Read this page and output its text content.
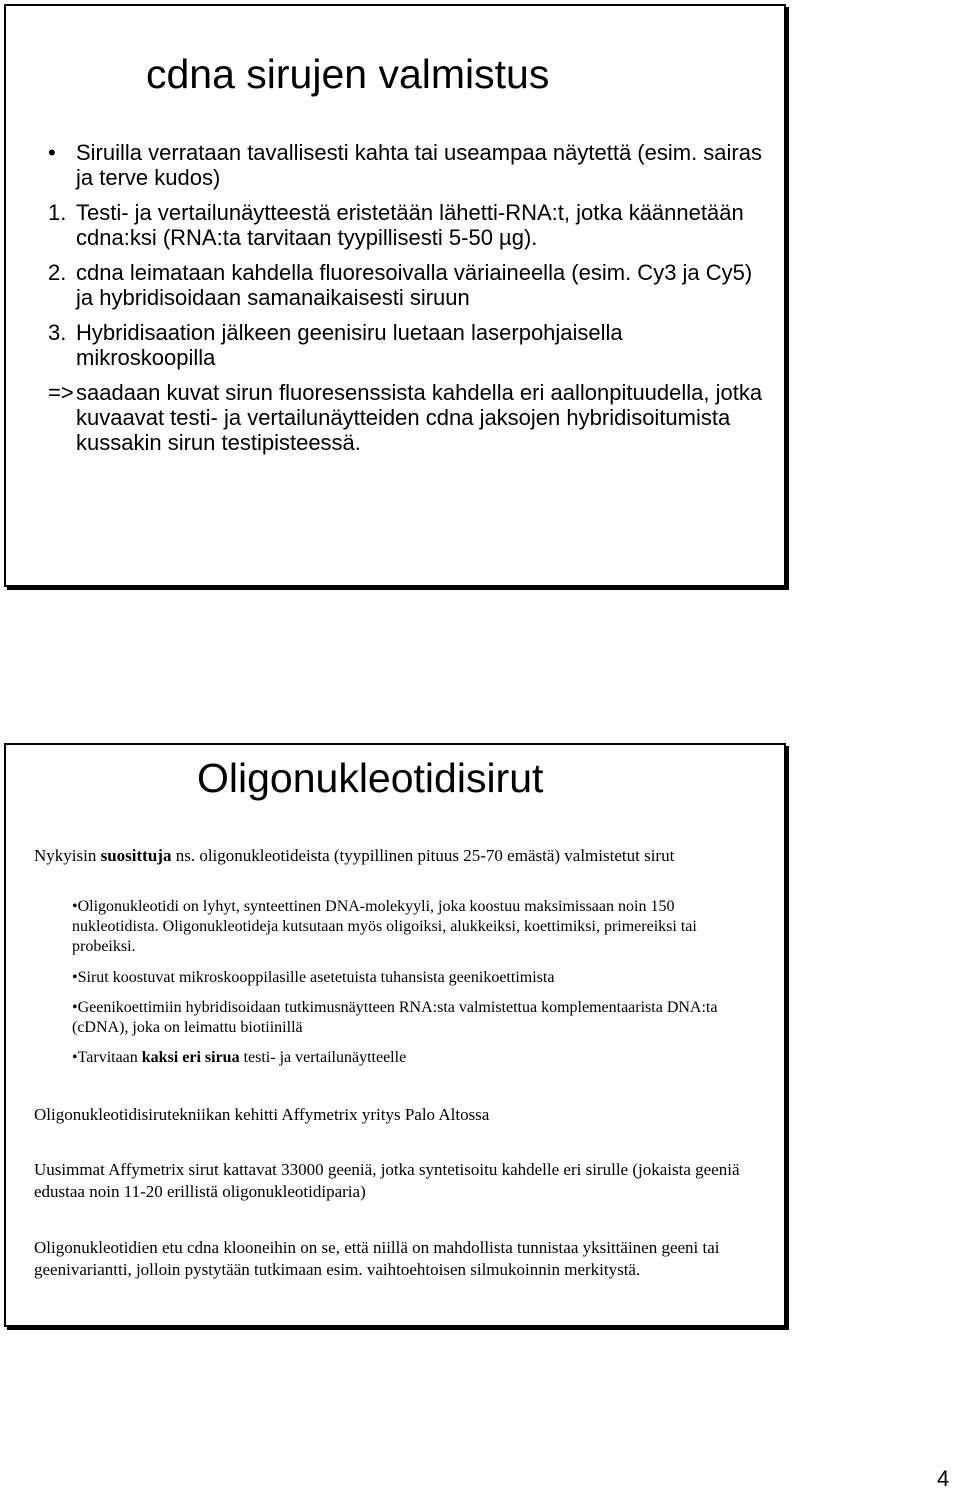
cdna sirujen valmistus
• Siruilla verrataan tavallisesti kahta tai useampaa näytettä (esim. sairas ja terve kudos)
1. Testi- ja vertailunäytteestä eristetään lähetti-RNA:t, jotka käännetään cdna:ksi (RNA:ta tarvitaan tyypillisesti 5-50 µg).
2. cdna leimataan kahdella fluoresoivalla väriaineella (esim. Cy3 ja Cy5) ja hybridisoidaan samanaikaisesti siruun
3. Hybridisaation jälkeen geenisiru luetaan laserpohjaisella mikroskoopilla
=> saadaan kuvat sirun fluoresenssista kahdella eri aallonpituudella, jotka kuvaavat testi- ja vertailunäytteiden cdna jaksojen hybridisoitumista kussakin sirun testipisteessä.
Oligonukleotidisirut
Nykyisin suosittuja ns. oligonukleotideista (tyypillinen pituus 25-70 emästä) valmistetut sirut
•Oligonukleotidi on lyhyt, synteettinen DNA-molekyyli, joka koostuu maksimissaan noin 150 nukleotidista. Oligonukleotideja kutsutaan myös oligoiksi, alukkeiksi, koettimiksi, primereiksi tai probeiksi.
•Sirut koostuvat mikroskooppilasille asetetuista tuhansista geenikoettimista
•Geenikoettimiin hybridisoidaan tutkimusnäytteen RNA:sta valmistettua komplementaarista DNA:ta (cDNA), joka on leimattu biotiinillä
•Tarvitaan kaksi eri sirua testi- ja vertailunäytteelle
Oligonukleotidisirutekniikan kehitti Affymetrix yritys Palo Altossa
Uusimmat Affymetrix sirut kattavat 33000 geeniä, jotka syntetisoitu kahdelle eri sirulle (jokaista geeniä edustaa noin 11-20 erillistä oligonukleotidiparia)
Oligonukleotidien etu cdna klooneihin on se, että niillä on mahdollista tunnistaa yksittäinen geeni tai geenivariantti, jolloin pystytään tutkimaan esim. vaihtoehtoisen silmukoinnin merkitystä.
4
